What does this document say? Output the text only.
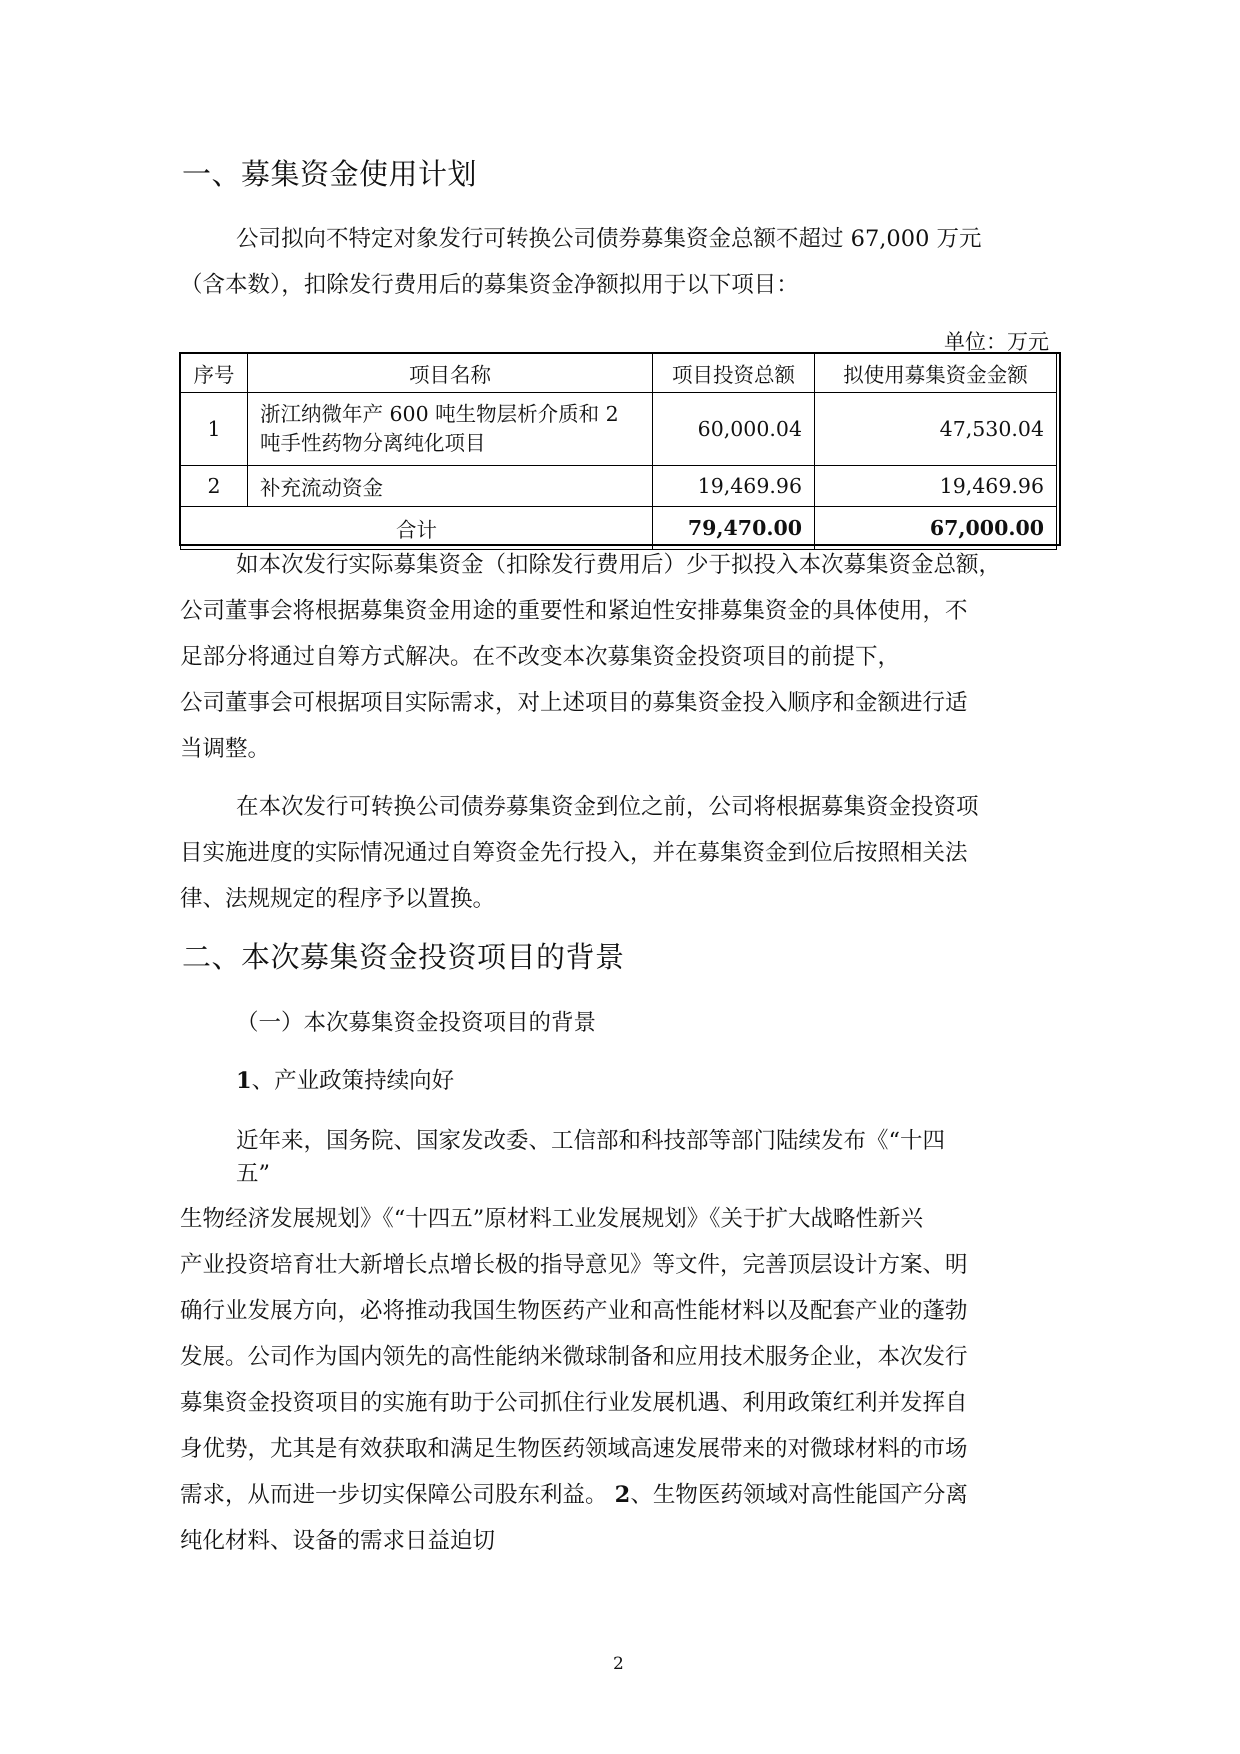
一、募集资金使用计划
公司拟向不特定对象发行可转换公司债券募集资金总额不超过 67,000 万元
（含本数），扣除发行费用后的募集资金净额拟用于以下项目：
单位：万元
序号	项目名称	项目投资总额	拟使用募集资金金额
1	浙江纳微年产 600 吨生物层析介质和 2
吨手性药物分离纯化项目	60,000.04	47,530.04
2	补充流动资金	19,469.96	19,469.96
合计		79,470.00	67,000.00
如本次发行实际募集资金（扣除发行费用后）少于拟投入本次募集资金总额，
公司董事会将根据募集资金用途的重要性和紧迫性安排募集资金的具体使用，不
足部分将通过自筹方式解决。在不改变本次募集资金投资项目的前提下，
公司董事会可根据项目实际需求，对上述项目的募集资金投入顺序和金额进行适
当调整。
在本次发行可转换公司债券募集资金到位之前，公司将根据募集资金投资项
目实施进度的实际情况通过自筹资金先行投入，并在募集资金到位后按照相关法
律、法规规定的程序予以置换。
二、本次募集资金投资项目的背景
（一）本次募集资金投资项目的背景
1、产业政策持续向好
近年来，国务院、国家发改委、工信部和科技部等部门陆续发布《“十四
五”
生物经济发展规划》《“十四五”原材料工业发展规划》《关于扩大战略性新兴
产业投资培育壮大新增长点增长极的指导意见》等文件，完善顶层设计方案、明
确行业发展方向，必将推动我国生物医药产业和高性能材料以及配套产业的蓬勃
发展。公司作为国内领先的高性能纳米微球制备和应用技术服务企业，本次发行
募集资金投资项目的实施有助于公司抓住行业发展机遇、利用政策红利并发挥自
身优势，尤其是有效获取和满足生物医药领域高速发展带来的对微球材料的市场
需求，从而进一步切实保障公司股东利益。 2、生物医药领域对高性能国产分离
纯化材料、设备的需求日益迫切
2
